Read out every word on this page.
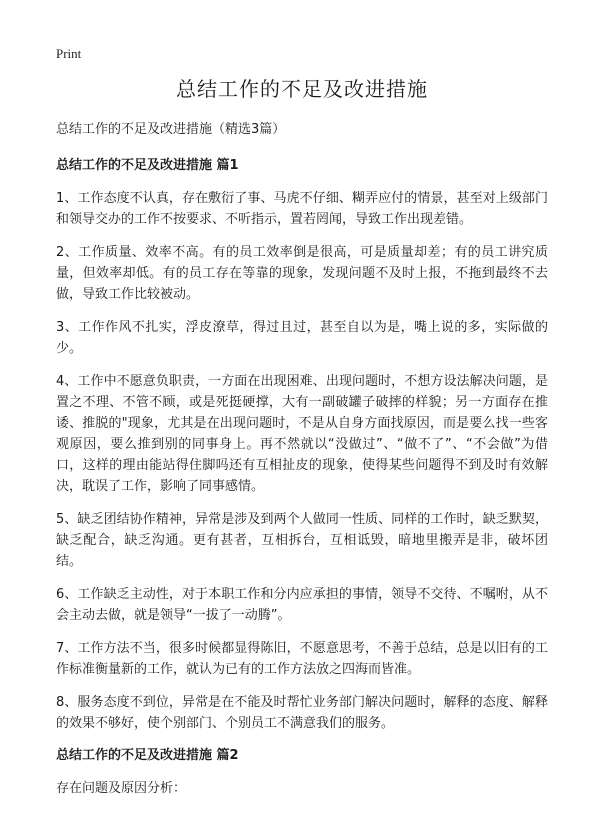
Print
总结工作的不足及改进措施
总结工作的不足及改进措施（精选3篇）
总结工作的不足及改进措施 篇1

1、工作态度不认真，存在敷衍了事、马虎不仔细、糊弄应付的情景，甚至对上级部门和领导交办的工作不按要求、不听指示，置若罔闻，导致工作出现差错。

2、工作质量、效率不高。有的员工效率倒是很高，可是质量却差；有的员工讲究质量，但效率却低。有的员工存在等靠的现象，发现问题不及时上报，不拖到最终不去做，导致工作比较被动。

3、工作作风不扎实，浮皮潦草，得过且过，甚至自以为是，嘴上说的多，实际做的少。

4、工作中不愿意负职责，一方面在出现困难、出现问题时，不想方设法解决问题，是置之不理、不管不顾，或是死挺硬撑，大有一副破罐子破摔的样貌；另一方面存在推诿、推脱的"现象，尤其是在出现问题时，不是从自身方面找原因，而是要么找一些客观原因，要么推到别的同事身上。再不然就以“没做过”、“做不了”、“不会做”为借口，这样的理由能站得住脚吗还有互相扯皮的现象，使得某些问题得不到及时有效解决，耽误了工作，影响了同事感情。

5、缺乏团结协作精神，异常是涉及到两个人做同一性质、同样的工作时，缺乏默契，缺乏配合，缺乏沟通。更有甚者，互相拆台，互相诋毁，暗地里搬弄是非，破坏团结。

6、工作缺乏主动性，对于本职工作和分内应承担的事情，领导不交待、不嘱咐，从不会主动去做，就是领导“一拔了一动腾”。

7、工作方法不当，很多时候都显得陈旧，不愿意思考，不善于总结，总是以旧有的工作标准衡量新的工作，就认为已有的工作方法放之四海而皆准。

8、服务态度不到位，异常是在不能及时帮忙业务部门解决问题时，解释的态度、解释的效果不够好，使个别部门、个别员工不满意我们的服务。

总结工作的不足及改进措施 篇2

存在问题及原因分析：
